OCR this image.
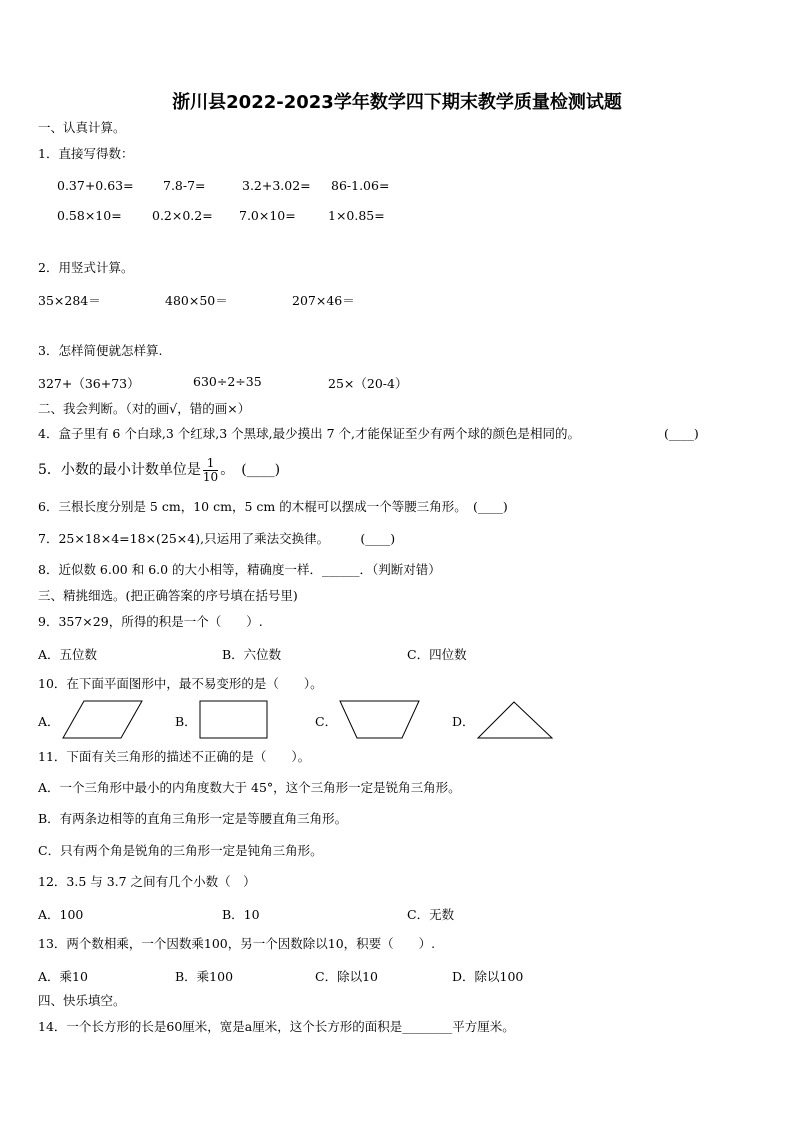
浙川县2022-2023学年数学四下期末教学质量检测试题
一、认真计算。
1．直接写得数：
0.37+0.63= 7.8-7=	3.2+3.02= 86-1.06=
0.58×10= 0.2×0.2= 7.0×10=	1×0.85=
2．用竖式计算。
35×284＝	480×50＝	207×46＝
3．怎样简便就怎样算.
327+（36+73）	630÷2÷35	25×（20-4）
二、我会判断。（对的画√，错的画×）
4．盒子里有 6 个白球,3 个红球,3 个黑球,最少摸出 7 个,才能保证至少有两个球的颜色是相同的。	(____)
5．小数的最小计数单位是 $\frac{1}{10}$ 。　 (____)
6．三根长度分别是 5 cm，10 cm，5 cm 的木棍可以摆成一个等腰三角形。　 (____)
7．25×18×4=18×(25×4),只运用了乘法交换律。　　　	(____)
8．近似数 6.00 和 6.0 的大小相等，精确度一样．______．（判断对错）
三、精挑细选。(把正确答案的序号填在括号里)
9．357×29，所得的积是一个（　　）.
A．五位数	B．六位数	C．四位数
10．在下面平面图形中，最不易变形的是（　　）。
A．	B．	C．	D．
11．下面有关三角形的描述不正确的是（　　）。
A．一个三角形中最小的内角度数大于 45°，这个三角形一定是锐角三角形。
B．有两条边相等的直角三角形一定是等腰直角三角形。
C．只有两个角是锐角的三角形一定是钝角三角形。
12．3.5 与 3.7 之间有几个小数（　）
A．100	B．10	C．无数
13．两个数相乘，一个因数乘100，另一个因数除以10，积要（　　）.
A．乘10	B．乘100	C．除以10	D．除以100
四、快乐填空。
14．一个长方形的长是60厘米，宽是a厘米，这个长方形的面积是________平方厘米。
